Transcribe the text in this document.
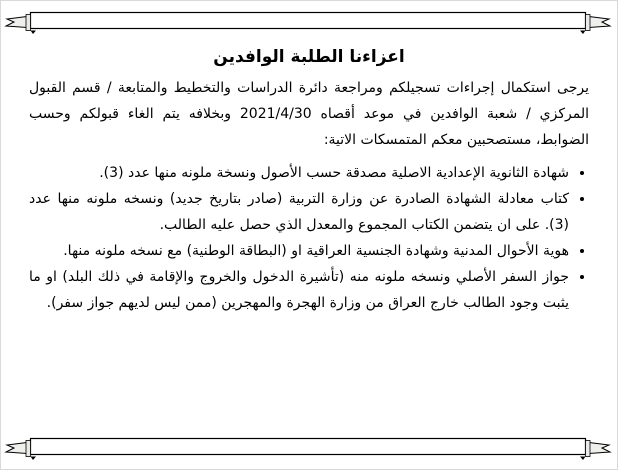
اعزاءنا الطلبة الوافدين

يرجى استكمال إجراءات تسجيلكم ومراجعة دائرة الدراسات والتخطيط والمتابعة / قسم القبول المركزي / شعبة الوافدين في موعد أقصاه 2021/4/30 وبخلافه يتم الغاء قبولكم وحسب الضوابط، مستصحبين معكم المتمسكات الاتية:

• شهادة الثانوية الإعدادية الاصلية مصدقة حسب الأصول ونسخة ملونه منها عدد (3).
• كتاب معادلة الشهادة الصادرة عن وزارة التربية (صادر بتاريخ جديد) ونسخه ملونه منها عدد (3). على ان يتضمن الكتاب المجموع والمعدل الذي حصل عليه الطالب.
• هوية الأحوال المدنية وشهادة الجنسية العراقية او (البطاقة الوطنية) مع نسخه ملونه منها.
• جواز السفر الأصلي ونسخه ملونه منه (تأشيرة الدخول والخروج والإقامة في ذلك البلد) او ما يثبت وجود الطالب خارج العراق من وزارة الهجرة والمهجرين (ممن ليس لديهم جواز سفر).
